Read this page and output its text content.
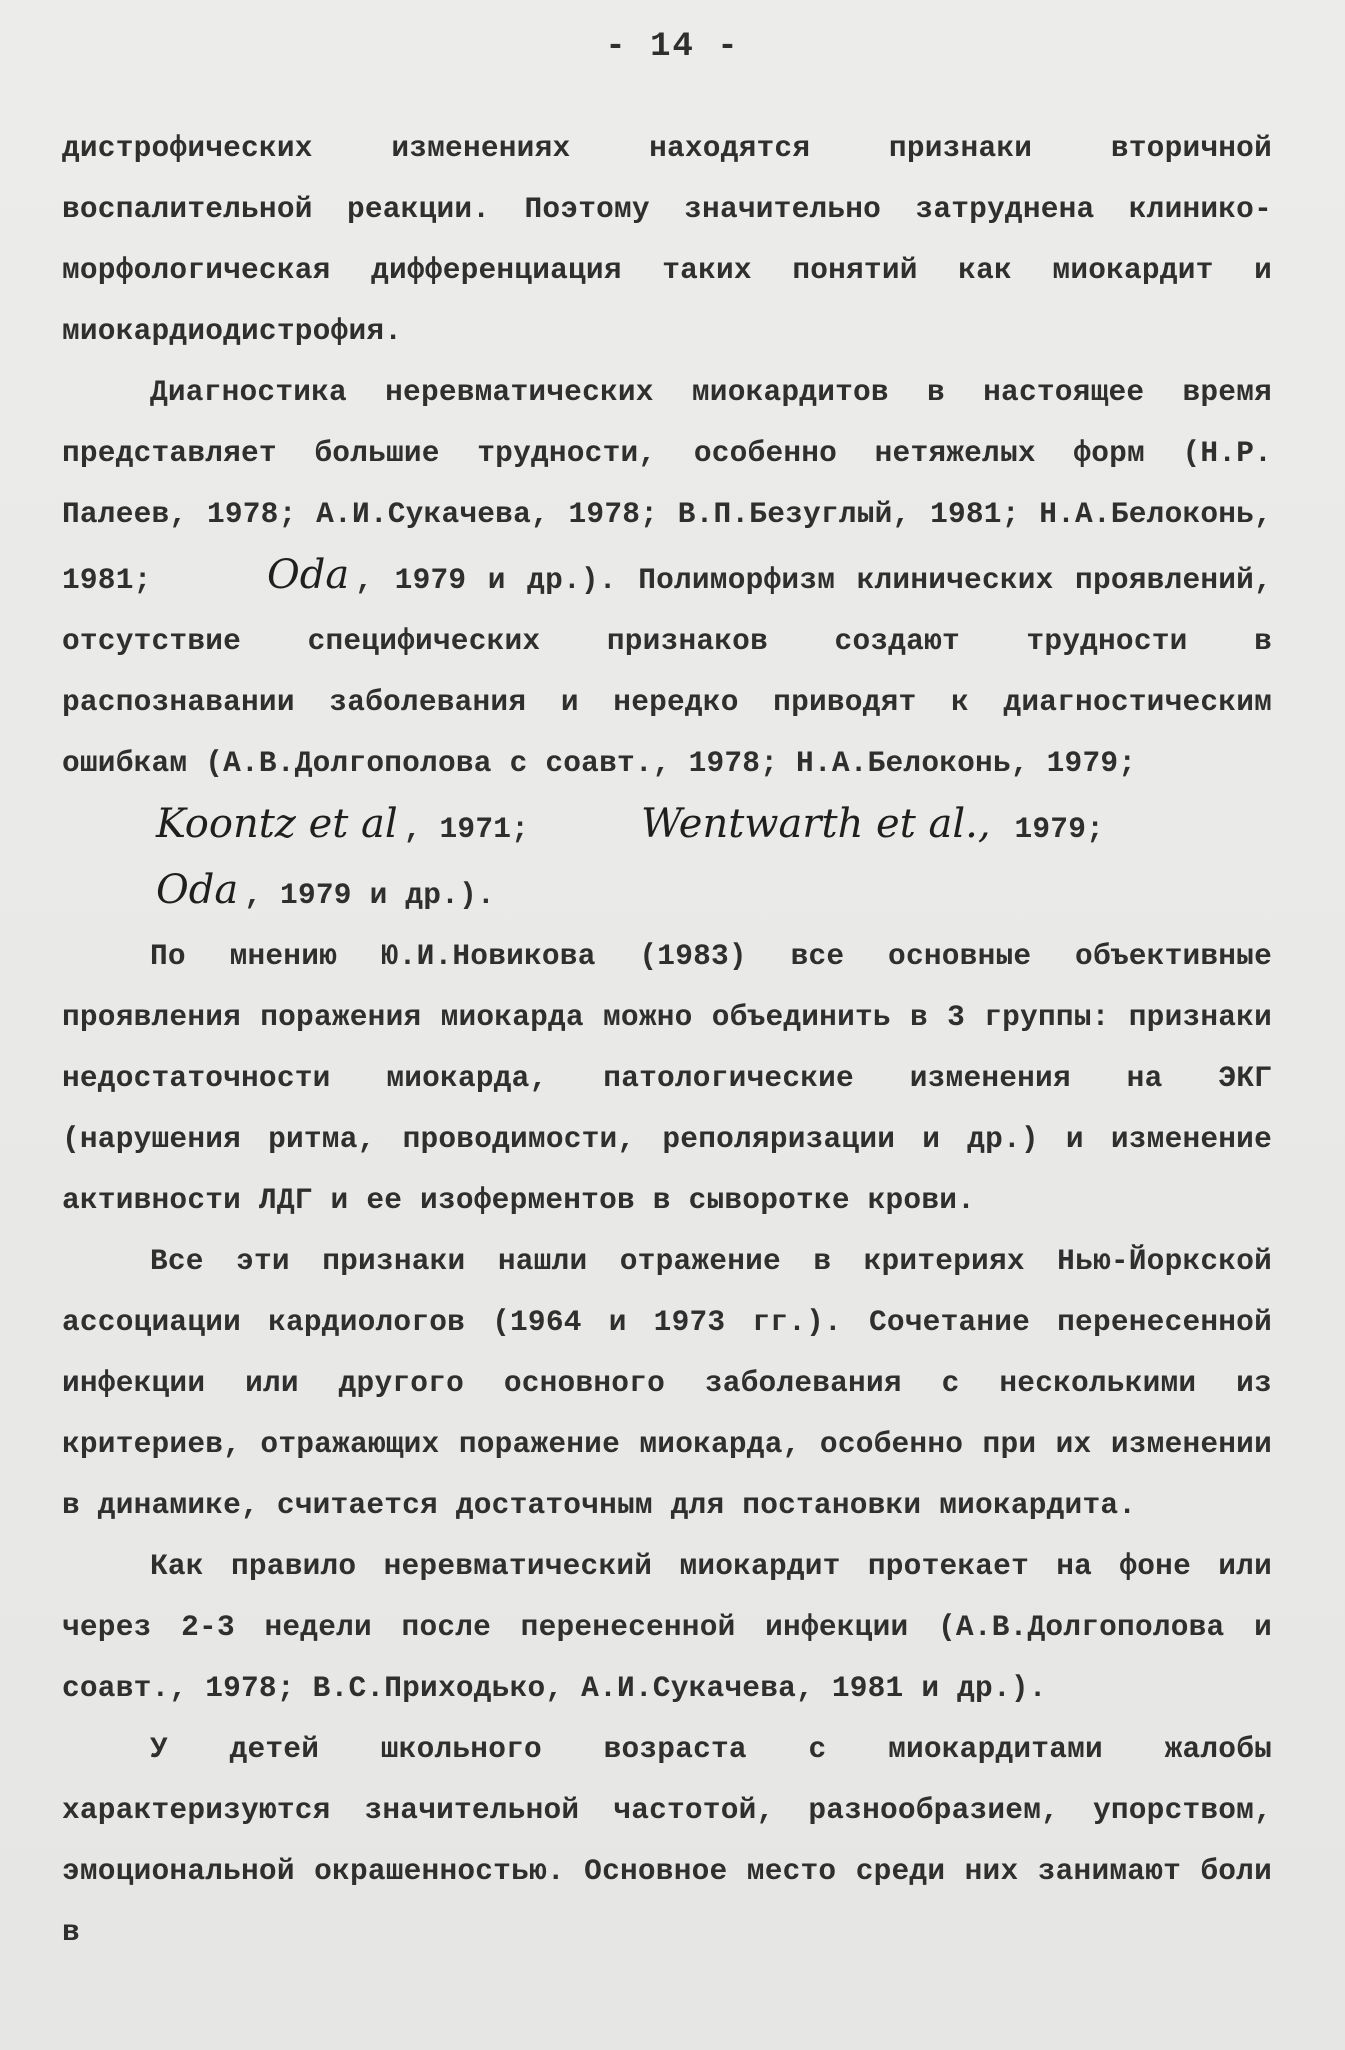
- 14 -

дистрофических изменениях находятся признаки вторичной воспалительной реакции. Поэтому значительно затруднена клинико-морфологическая дифференциация таких понятий как миокардит и миокардиодистрофия.

Диагностика неревматических миокардитов в настоящее время представляет большие трудности, особенно нетяжелых форм (Н.Р. Палеев, 1978; А.И.Сукачева, 1978; В.П.Безуглый, 1981; Н.А.Белоконь, 1981;	Oda , 1979 и др.). Полиморфизм клинических проявлений, отсутствие специфических признаков создают трудности в распознавании заболевания и нередко приводят к диагностическим ошибкам (А.В.Долгополова с соавт., 1978; Н.А.Белоконь, 1979;
Koontz et al , 1971;	Wentwarth et al., 1979;
Oda , 1979 и др.).

По мнению Ю.И.Новикова (1983) все основные объективные проявления поражения миокарда можно объединить в 3 группы: признаки недостаточности миокарда, патологические изменения на ЭКГ (нарушения ритма, проводимости, реполяризации и др.) и изменение активности ЛДГ и ее изоферментов в сыворотке крови.

Все эти признаки нашли отражение в критериях Нью-Йоркской ассоциации кардиологов (1964 и 1973 гг.). Сочетание перенесенной инфекции или другого основного заболевания с несколькими из критериев, отражающих поражение миокарда, особенно при их изменении в динамике, считается достаточным для постановки миокардита.

Как правило неревматический миокардит протекает на фоне или через 2-3 недели после перенесенной инфекции (А.В.Долгополова и соавт., 1978; В.С.Приходько, А.И.Сукачева, 1981 и др.).

У детей школьного возраста с миокардитами жалобы характеризуются значительной частотой, разнообразием, упорством, эмоциональной окрашенностью. Основное место среди них занимают боли в
